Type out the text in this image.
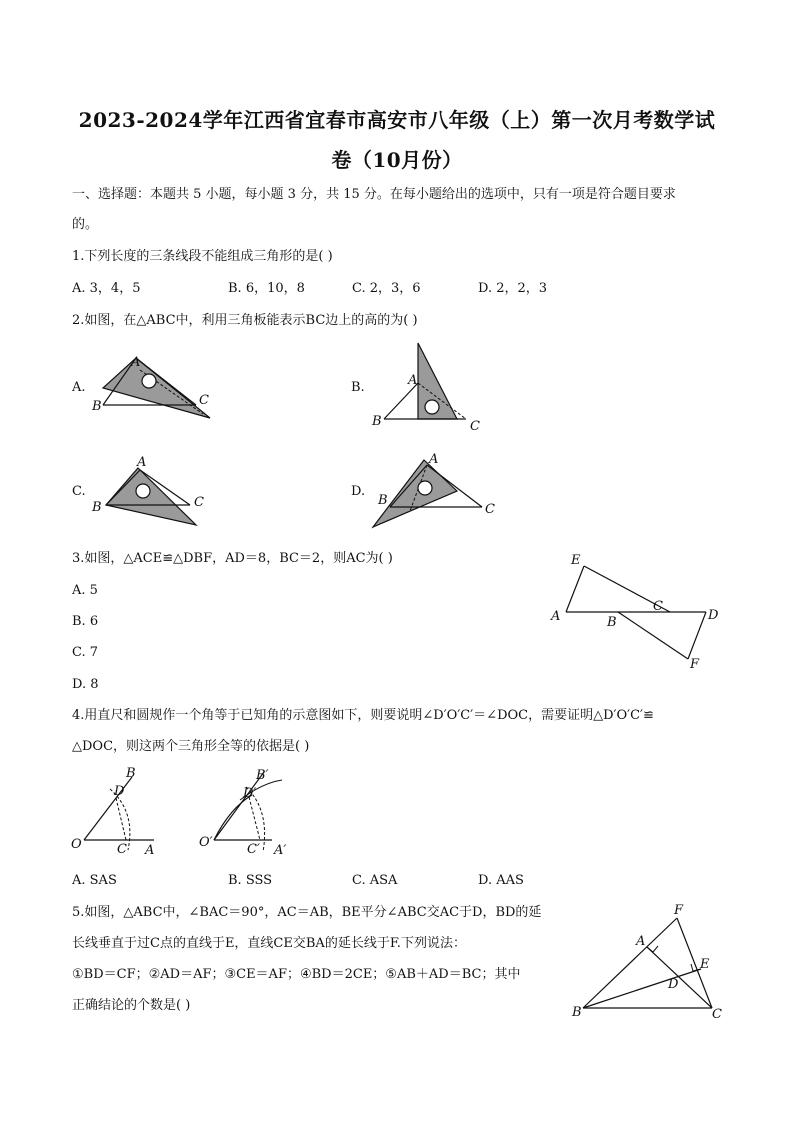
2023-2024学年江西省宜春市高安市八年级（上）第一次月考数学试
卷（10月份）
一、选择题：本题共 5 小题，每小题 3 分，共 15 分。在每小题给出的选项中，只有一项是符合题目要求
的。
1.下列长度的三条线段不能组成三角形的是( )
A. 3，4，5	B. 6，10，8	C. 2，3，6	D. 2，2，3
2.如图，在△ABC中，利用三角板能表示BC边上的高的为( )
A.
A
B	C
B.	A
B	C
C.
A
B	C
D.
A
B
C
3.如图，△ACE≌△DBF，AD＝8，BC＝2，则AC为( )
A. 5
B. 6
C. 7
D. 8
E
A	B
C
D
F
4.用直尺和圆规作一个角等于已知角的示意图如下，则要说明∠D′O′C′＝∠DOC，需要证明△D′O′C′≌
△DOC，则这两个三角形全等的依据是( )
B
D
O	C A
B′
D′
O′	C′ A′
A. SAS	B. SSS	C. ASA	D. AAS
5.如图，△ABC中，∠BAC＝90°，AC＝AB，BE平分∠ABC交AC于D，BD的延
长线垂直于过C点的直线于E，直线CE交BA的延长线于F.下列说法：
①BD＝CF；②AD＝AF；③CE＝AF；④BD＝2CE；⑤AB＋AD＝BC；其中
正确结论的个数是( )
F
A
E
D
B	C
